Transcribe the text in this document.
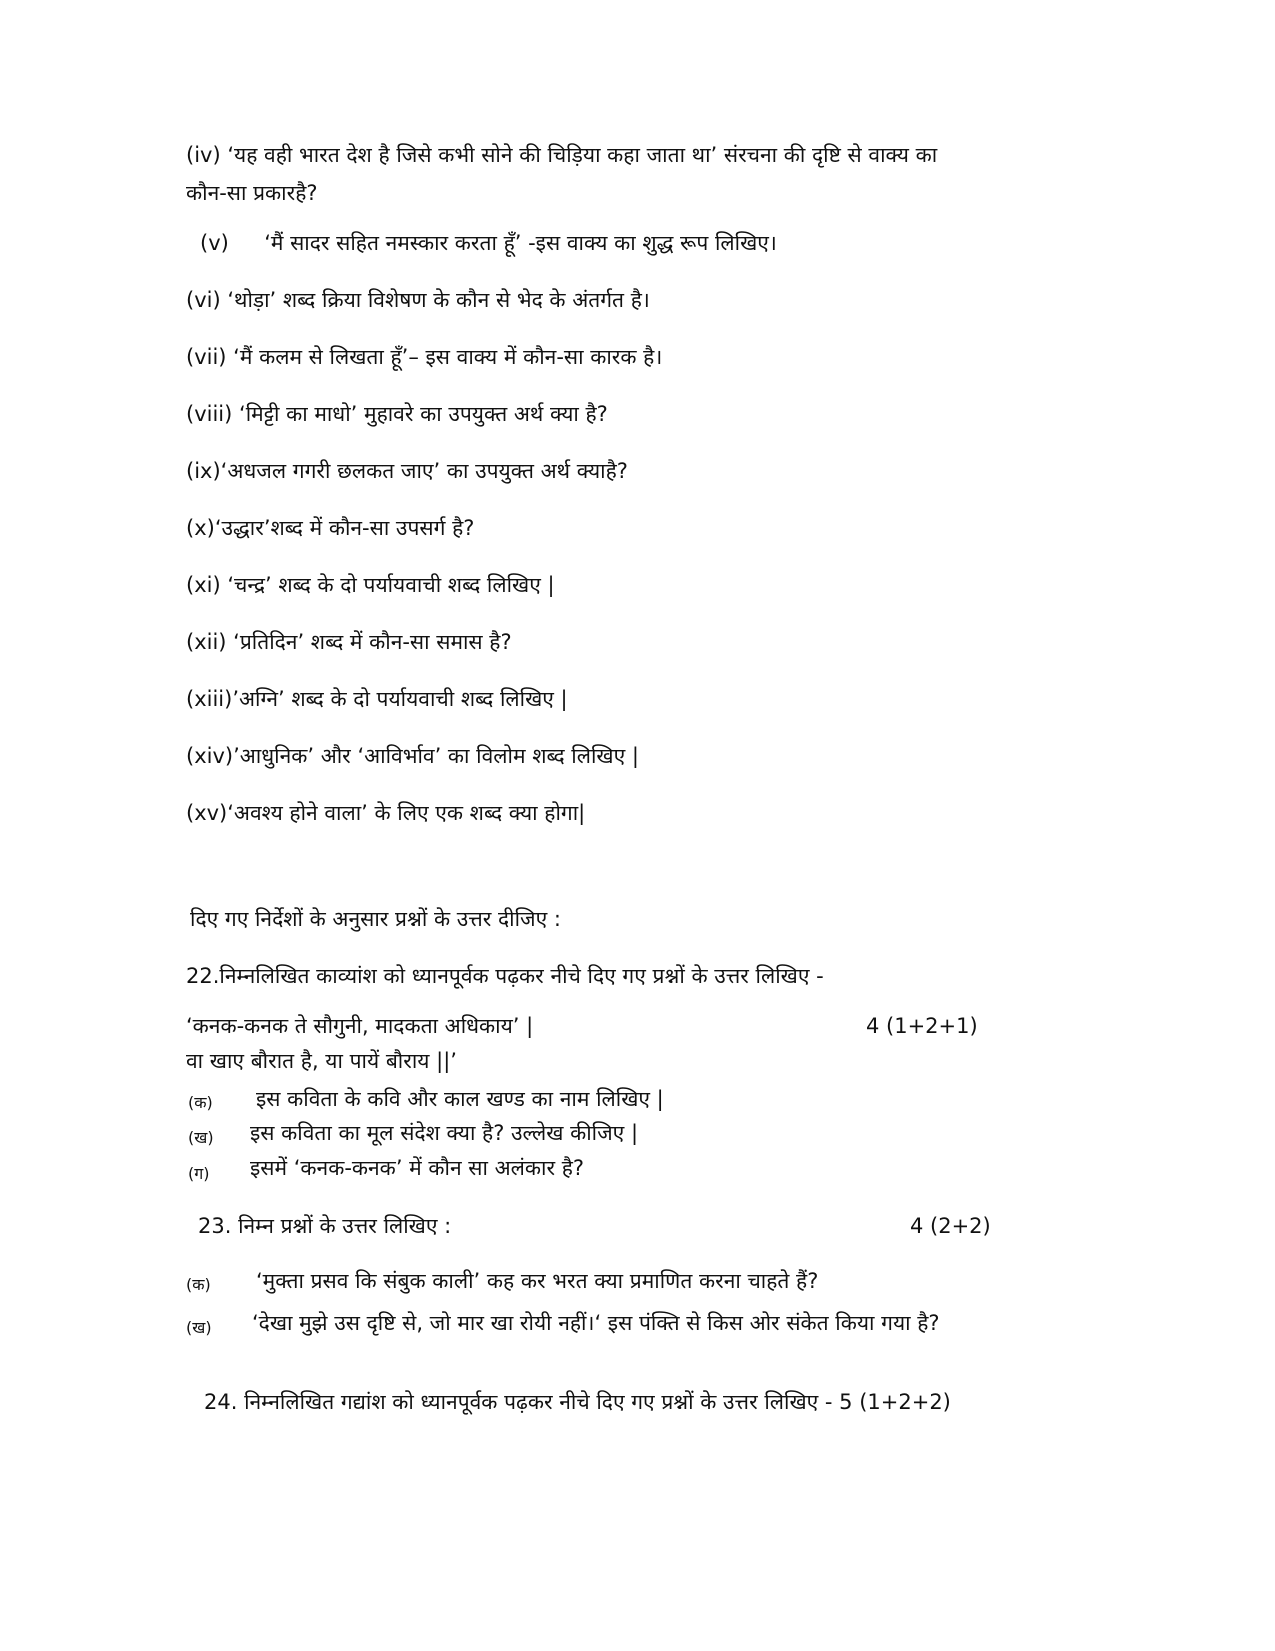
(iv) ‘यह वही भारत देश है जिसे कभी सोने की चिड़िया कहा जाता था’ संरचना की दृष्टि से वाक्य का
कौन-सा प्रकारहै?
(v) ‘मैं सादर सहित नमस्कार करता हूँ’ -इस वाक्य का शुद्ध रूप लिखिए।
(vi) ‘थोड़ा’ शब्द क्रिया विशेषण के कौन से भेद के अंतर्गत है।
(vii) ‘मैं कलम से लिखता हूँ’– इस वाक्य में कौन-सा कारक है।
(viii) ‘मिट्टी का माधो’ मुहावरे का उपयुक्त अर्थ क्या है?
(ix)‘अधजल गगरी छलकत जाए’ का उपयुक्त अर्थ क्याहै?
(x)‘उद्धार’शब्द में कौन-सा उपसर्ग है?
(xi) ‘चन्द्र’ शब्द के दो पर्यायवाची शब्द लिखिए |
(xii) ‘प्रतिदिन’ शब्द में कौन-सा समास है?
(xiii)’अग्नि’ शब्द के दो पर्यायवाची शब्द लिखिए |
(xiv)’आधुनिक’ और ‘आविर्भाव’ का विलोम शब्द लिखिए |
(xv)‘अवश्य होने वाला’ के लिए एक शब्द क्या होगा|
दिए गए निर्देशों के अनुसार प्रश्नों के उत्तर दीजिए :
22.निम्नलिखित काव्यांश को ध्यानपूर्वक पढ़कर नीचे दिए गए प्रश्नों के उत्तर लिखिए -
‘कनक-कनक ते सौगुनी, मादकता अधिकाय’ |	4 (1+2+1)
वा खाए बौरात है, या पायें बौराय ||’
(क) इस कविता के कवि और काल खण्ड का नाम लिखिए |
(ख) इस कविता का मूल संदेश क्या है? उल्लेख कीजिए |
(ग) इसमें ‘कनक-कनक’ में कौन सा अलंकार है?
23. निम्न प्रश्नों के उत्तर लिखिए :	4 (2+2)
(क) ‘मुक्ता प्रसव कि संबुक काली’ कह कर भरत क्या प्रमाणित करना चाहते हैं?
(ख) ‘देखा मुझे उस दृष्टि से, जो मार खा रोयी नहीं।‘ इस पंक्ति से किस ओर संकेत किया गया है?
24. निम्नलिखित गद्यांश को ध्यानपूर्वक पढ़कर नीचे दिए गए प्रश्नों के उत्तर लिखिए - 5 (1+2+2)
